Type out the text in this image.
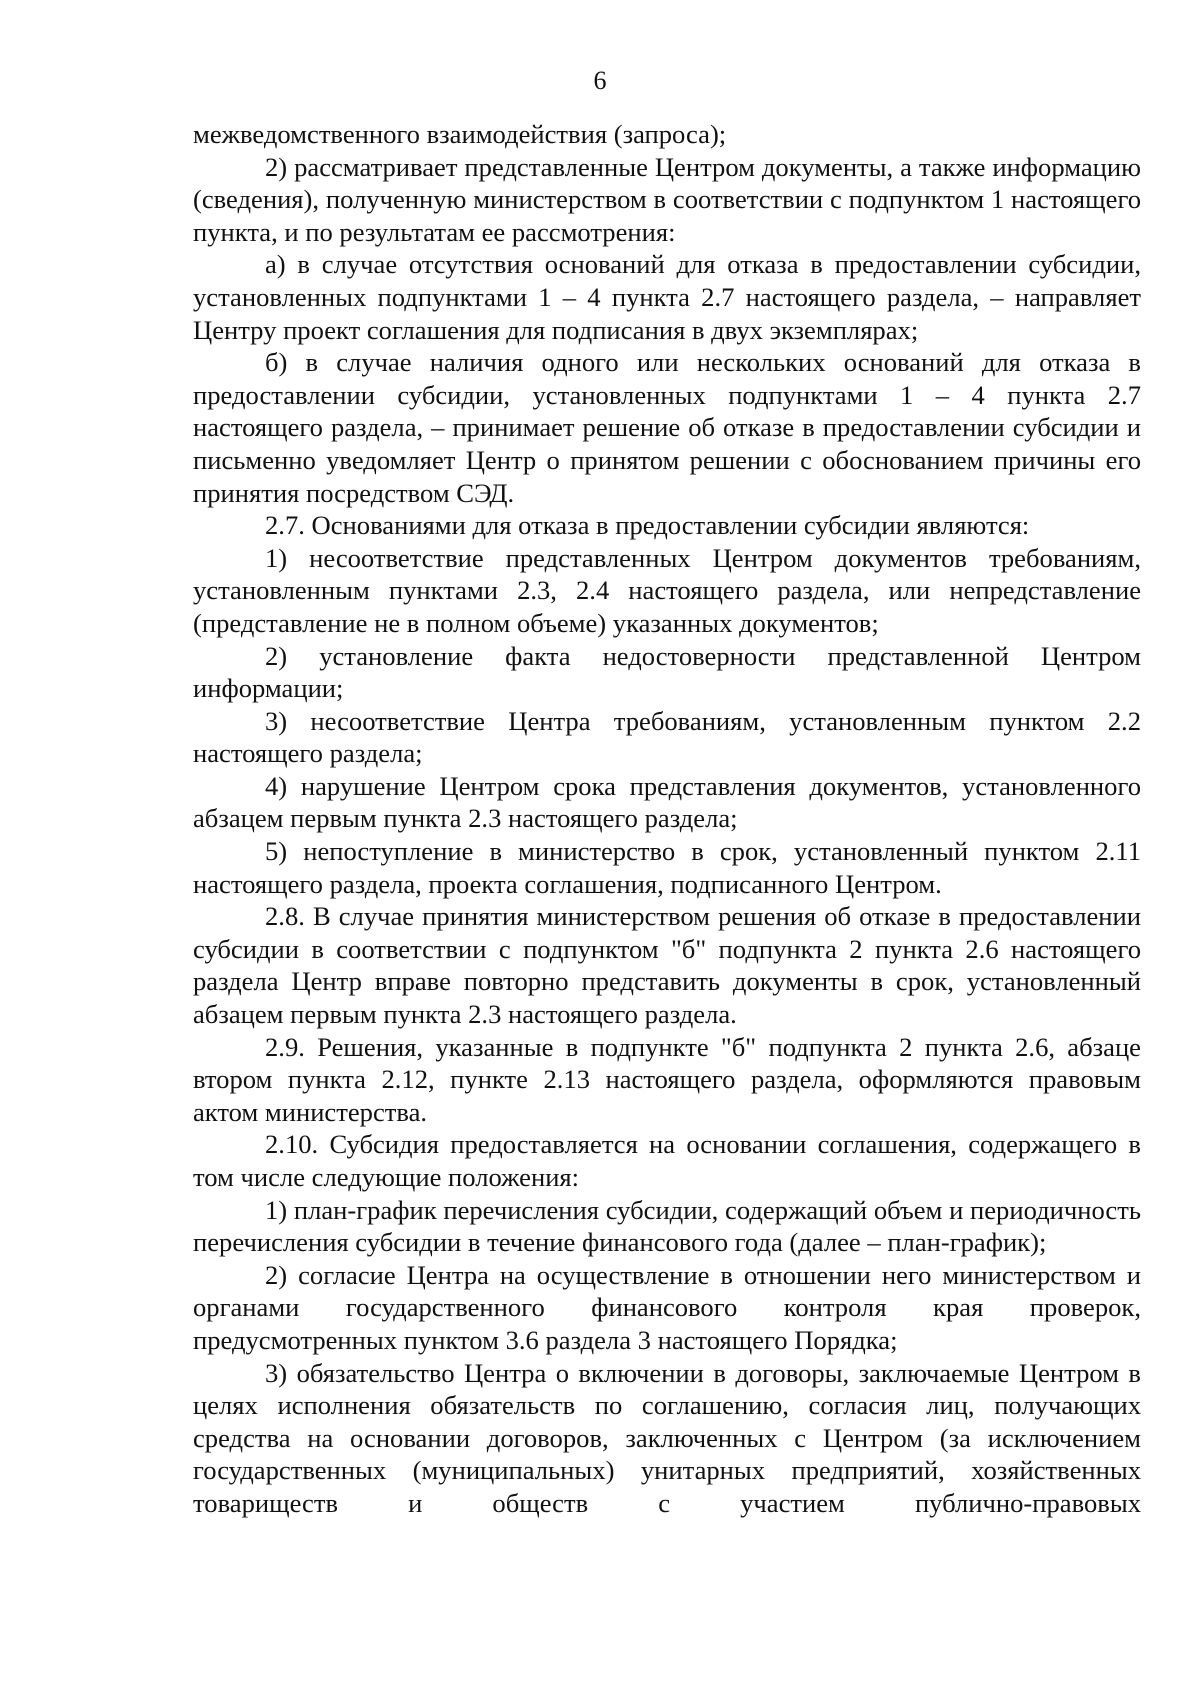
6

межведомственного взаимодействия (запроса);

2) рассматривает представленные Центром документы, а также информацию (сведения), полученную министерством в соответствии с подпунктом 1 настоящего пункта, и по результатам ее рассмотрения:

а) в случае отсутствия оснований для отказа в предоставлении субсидии, установленных подпунктами 1 – 4 пункта 2.7 настоящего раздела, – направляет Центру проект соглашения для подписания в двух экземплярах;

б) в случае наличия одного или нескольких оснований для отказа в предоставлении субсидии, установленных подпунктами 1 – 4 пункта 2.7 настоящего раздела, – принимает решение об отказе в предоставлении субсидии и письменно уведомляет Центр о принятом решении с обоснованием причины его принятия посредством СЭД.

2.7. Основаниями для отказа в предоставлении субсидии являются:

1) несоответствие представленных Центром документов требованиям, установленным пунктами 2.3, 2.4 настоящего раздела, или непредставление (представление не в полном объеме) указанных документов;

2) установление факта недостоверности представленной Центром информации;

3) несоответствие Центра требованиям, установленным пунктом 2.2 настоящего раздела;

4) нарушение Центром срока представления документов, установленного абзацем первым пункта 2.3 настоящего раздела;

5) непоступление в министерство в срок, установленный пунктом 2.11 настоящего раздела, проекта соглашения, подписанного Центром.

2.8. В случае принятия министерством решения об отказе в предоставлении субсидии в соответствии с подпунктом "б" подпункта 2 пункта 2.6 настоящего раздела Центр вправе повторно представить документы в срок, установленный абзацем первым пункта 2.3 настоящего раздела.

2.9. Решения, указанные в подпункте "б" подпункта 2 пункта 2.6, абзаце втором пункта 2.12, пункте 2.13 настоящего раздела, оформляются правовым актом министерства.

2.10. Субсидия предоставляется на основании соглашения, содержащего в том числе следующие положения:

1) план-график перечисления субсидии, содержащий объем и периодичность перечисления субсидии в течение финансового года (далее – план-график);

2) согласие Центра на осуществление в отношении него министерством и органами государственного финансового контроля края проверок, предусмотренных пунктом 3.6 раздела 3 настоящего Порядка;

3) обязательство Центра о включении в договоры, заключаемые Центром в целях исполнения обязательств по соглашению, согласия лиц, получающих средства на основании договоров, заключенных с Центром (за исключением государственных (муниципальных) унитарных предприятий, хозяйственных товариществ и обществ с участием публично-правовых
